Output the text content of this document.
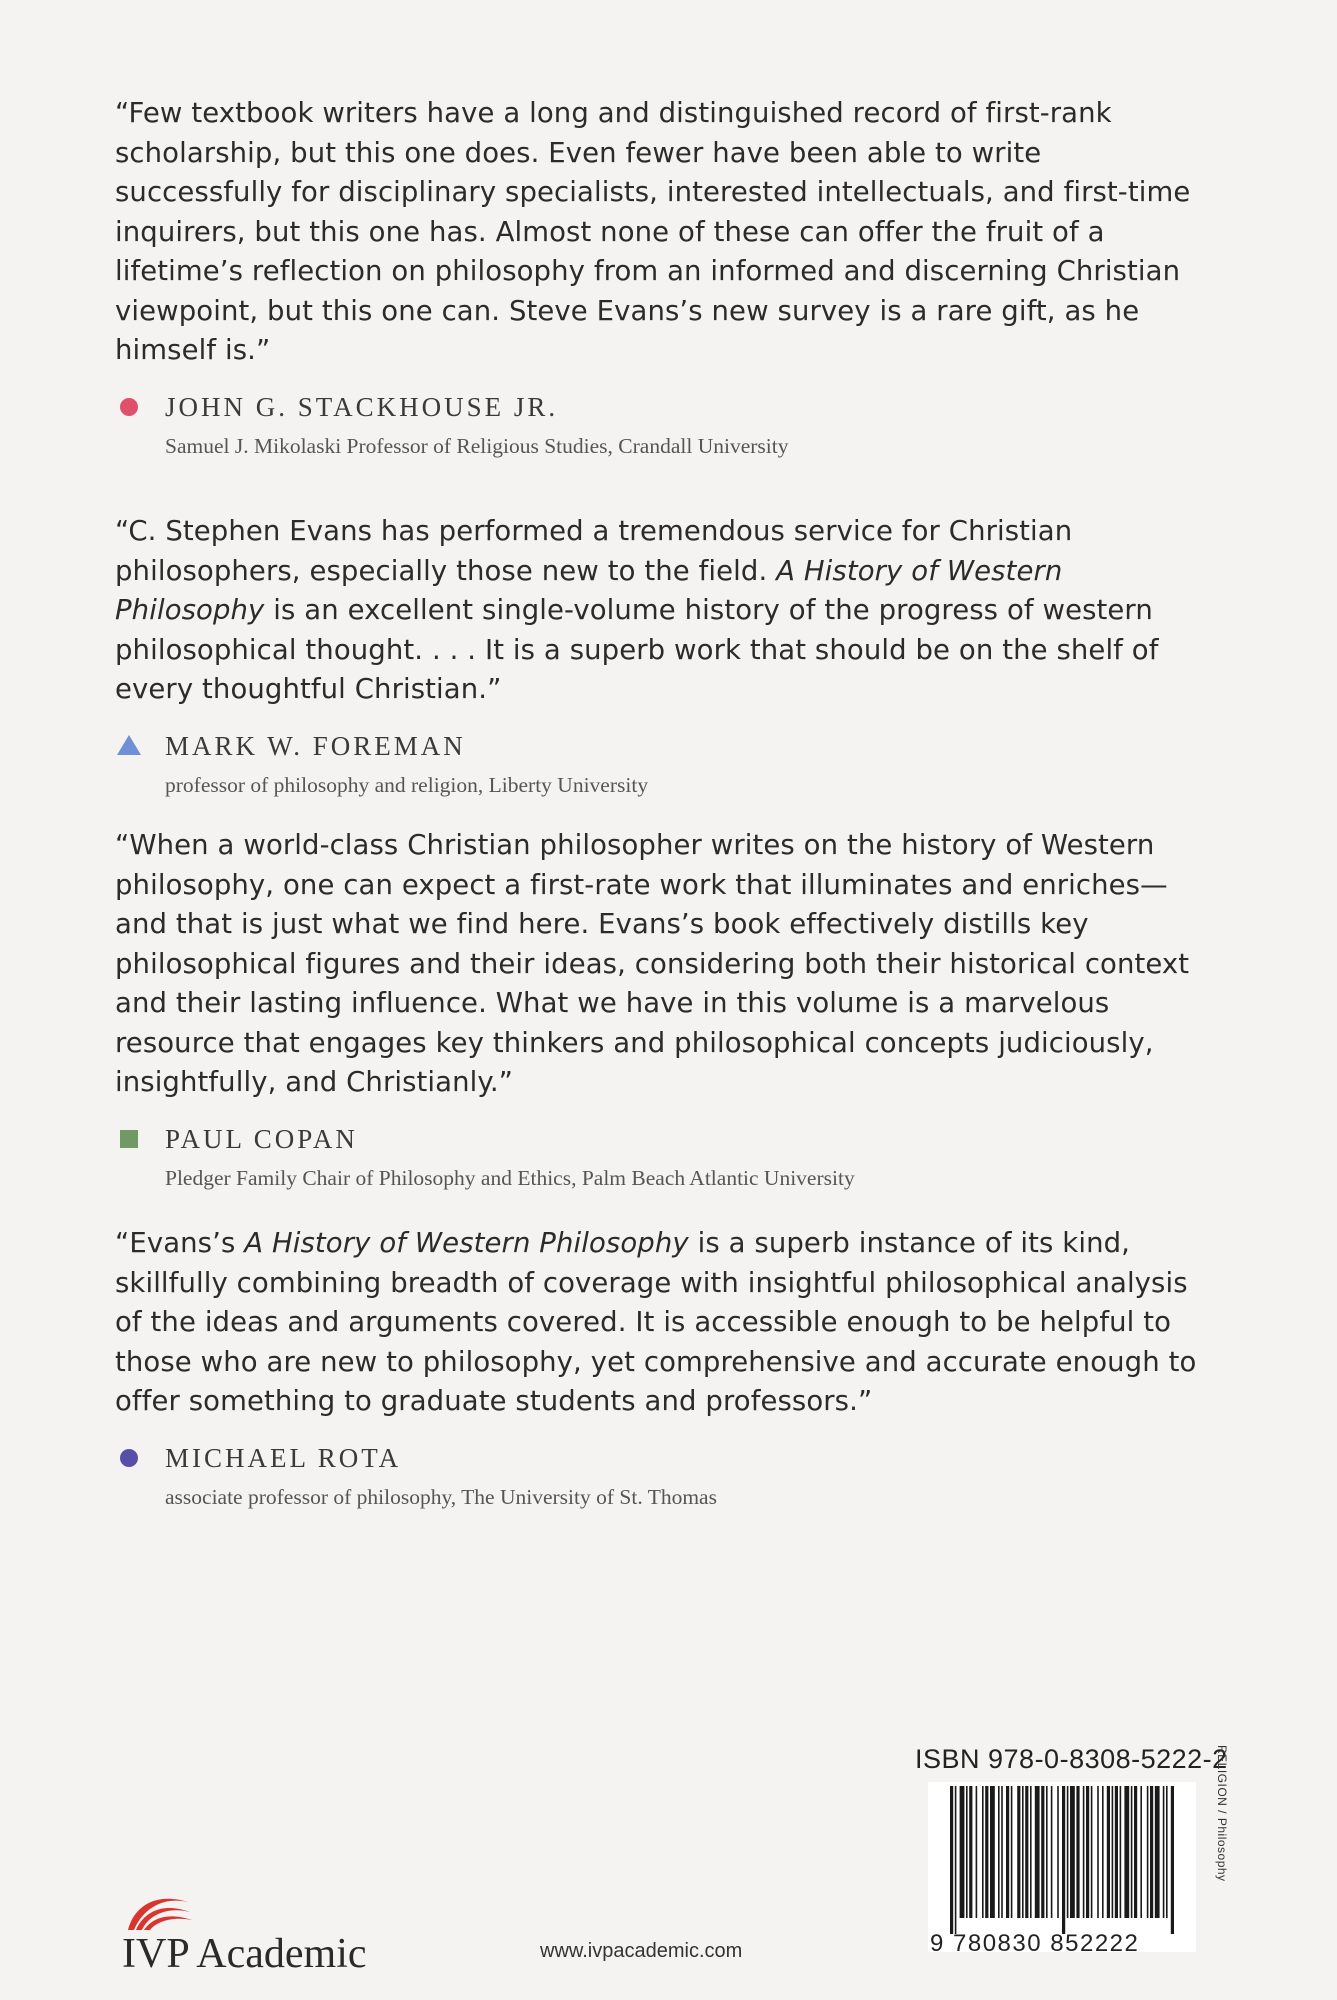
“Few textbook writers have a long and distinguished record of first-rank scholarship, but this one does. Even fewer have been able to write successfully for disciplinary specialists, interested intellectuals, and first-time inquirers, but this one has. Almost none of these can offer the fruit of a lifetime’s reflection on philosophy from an informed and discerning Christian viewpoint, but this one can. Steve Evans’s new survey is a rare gift, as he himself is.”

JOHN G. STACKHOUSE JR.
Samuel J. Mikolaski Professor of Religious Studies, Crandall University

“C. Stephen Evans has performed a tremendous service for Christian philosophers, especially those new to the field. A History of Western Philosophy is an excellent single-volume history of the progress of western philosophical thought. . . . It is a superb work that should be on the shelf of every thoughtful Christian.”

MARK W. FOREMAN
professor of philosophy and religion, Liberty University

“When a world-class Christian philosopher writes on the history of Western philosophy, one can expect a first-rate work that illuminates and enriches—and that is just what we find here. Evans’s book effectively distills key philosophical figures and their ideas, considering both their historical context and their lasting influence. What we have in this volume is a marvelous resource that engages key thinkers and philosophical concepts judiciously, insightfully, and Christianly.”

PAUL COPAN
Pledger Family Chair of Philosophy and Ethics, Palm Beach Atlantic University

“Evans’s A History of Western Philosophy is a superb instance of its kind, skillfully combining breadth of coverage with insightful philosophical analysis of the ideas and arguments covered. It is accessible enough to be helpful to those who are new to philosophy, yet comprehensive and accurate enough to offer something to graduate students and professors.”

MICHAEL ROTA
associate professor of philosophy, The University of St. Thomas
IVP Academic	www.ivpacademic.com
ISBN 978-0-8308-5222-2
9 780830 852222
RELIGION / Philosophy
